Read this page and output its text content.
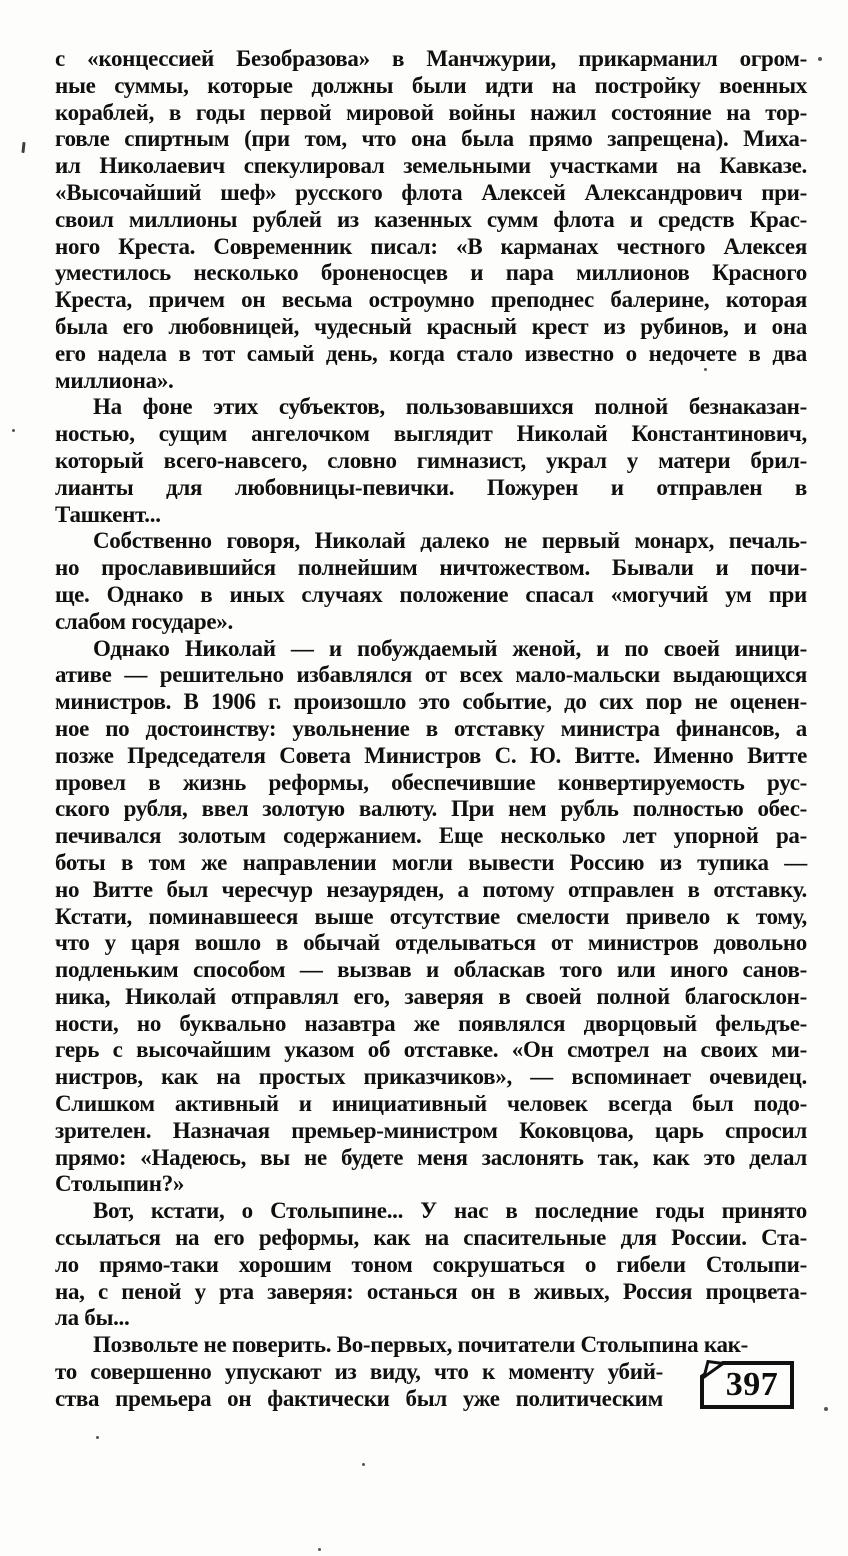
с «концессией Безобразова» в Манчжурии, прикарманил огром-
ные суммы, которые должны были идти на постройку военных
кораблей, в годы первой мировой войны нажил состояние на тор-
говле спиртным (при том, что она была прямо запрещена). Миха-
ил Николаевич спекулировал земельными участками на Кавказе.
«Высочайший шеф» русского флота Алексей Александрович при-
своил миллионы рублей из казенных сумм флота и средств Крас-
ного Креста. Современник писал: «В карманах честного Алексея
уместилось несколько броненосцев и пара миллионов Красного
Креста, причем он весьма остроумно преподнес балерине, которая
была его любовницей, чудесный красный крест из рубинов, и она
его надела в тот самый день, когда стало известно о недочете в два
миллиона».
На фоне этих субъектов, пользовавшихся полной безнаказан-
ностью, сущим ангелочком выглядит Николай Константинович,
который всего-навсего, словно гимназист, украл у матери брил-
лианты для любовницы-певички. Пожурен и отправлен в
Ташкент...
Собственно говоря, Николай далеко не первый монарх, печаль-
но прославившийся полнейшим ничтожеством. Бывали и почи-
ще. Однако в иных случаях положение спасал «могучий ум при
слабом государе».
Однако Николай — и побуждаемый женой, и по своей иници-
ативе — решительно избавлялся от всех мало-мальски выдающихся
министров. В 1906 г. произошло это событие, до сих пор не оценен-
ное по достоинству: увольнение в отставку министра финансов, а
позже Председателя Совета Министров С. Ю. Витте. Именно Витте
провел в жизнь реформы, обеспечившие конвертируемость рус-
ского рубля, ввел золотую валюту. При нем рубль полностью обес-
печивался золотым содержанием. Еще несколько лет упорной ра-
боты в том же направлении могли вывести Россию из тупика —
но Витте был чересчур незауряден, а потому отправлен в отставку.
Кстати, поминавшееся выше отсутствие смелости привело к тому,
что у царя вошло в обычай отделываться от министров довольно
подленьким способом — вызвав и обласкав того или иного санов-
ника, Николай отправлял его, заверяя в своей полной благосклон-
ности, но буквально назавтра же появлялся дворцовый фельдъе-
герь с высочайшим указом об отставке. «Он смотрел на своих ми-
нистров, как на простых приказчиков», — вспоминает очевидец.
Слишком активный и инициативный человек всегда был подо-
зрителен. Назначая премьер-министром Коковцова, царь спросил
прямо: «Надеюсь, вы не будете меня заслонять так, как это делал
Столыпин?»
Вот, кстати, о Столыпине... У нас в последние годы принято
ссылаться на его реформы, как на спасительные для России. Ста-
ло прямо-таки хорошим тоном сокрушаться о гибели Столыпи-
на, с пеной у рта заверяя: останься он в живых, Россия процвета-
ла бы...
397
Позвольте не поверить. Во-первых, почитатели Столыпина как-
то совершенно упускают из виду, что к моменту убий-
ства премьера он фактически был уже политическим
